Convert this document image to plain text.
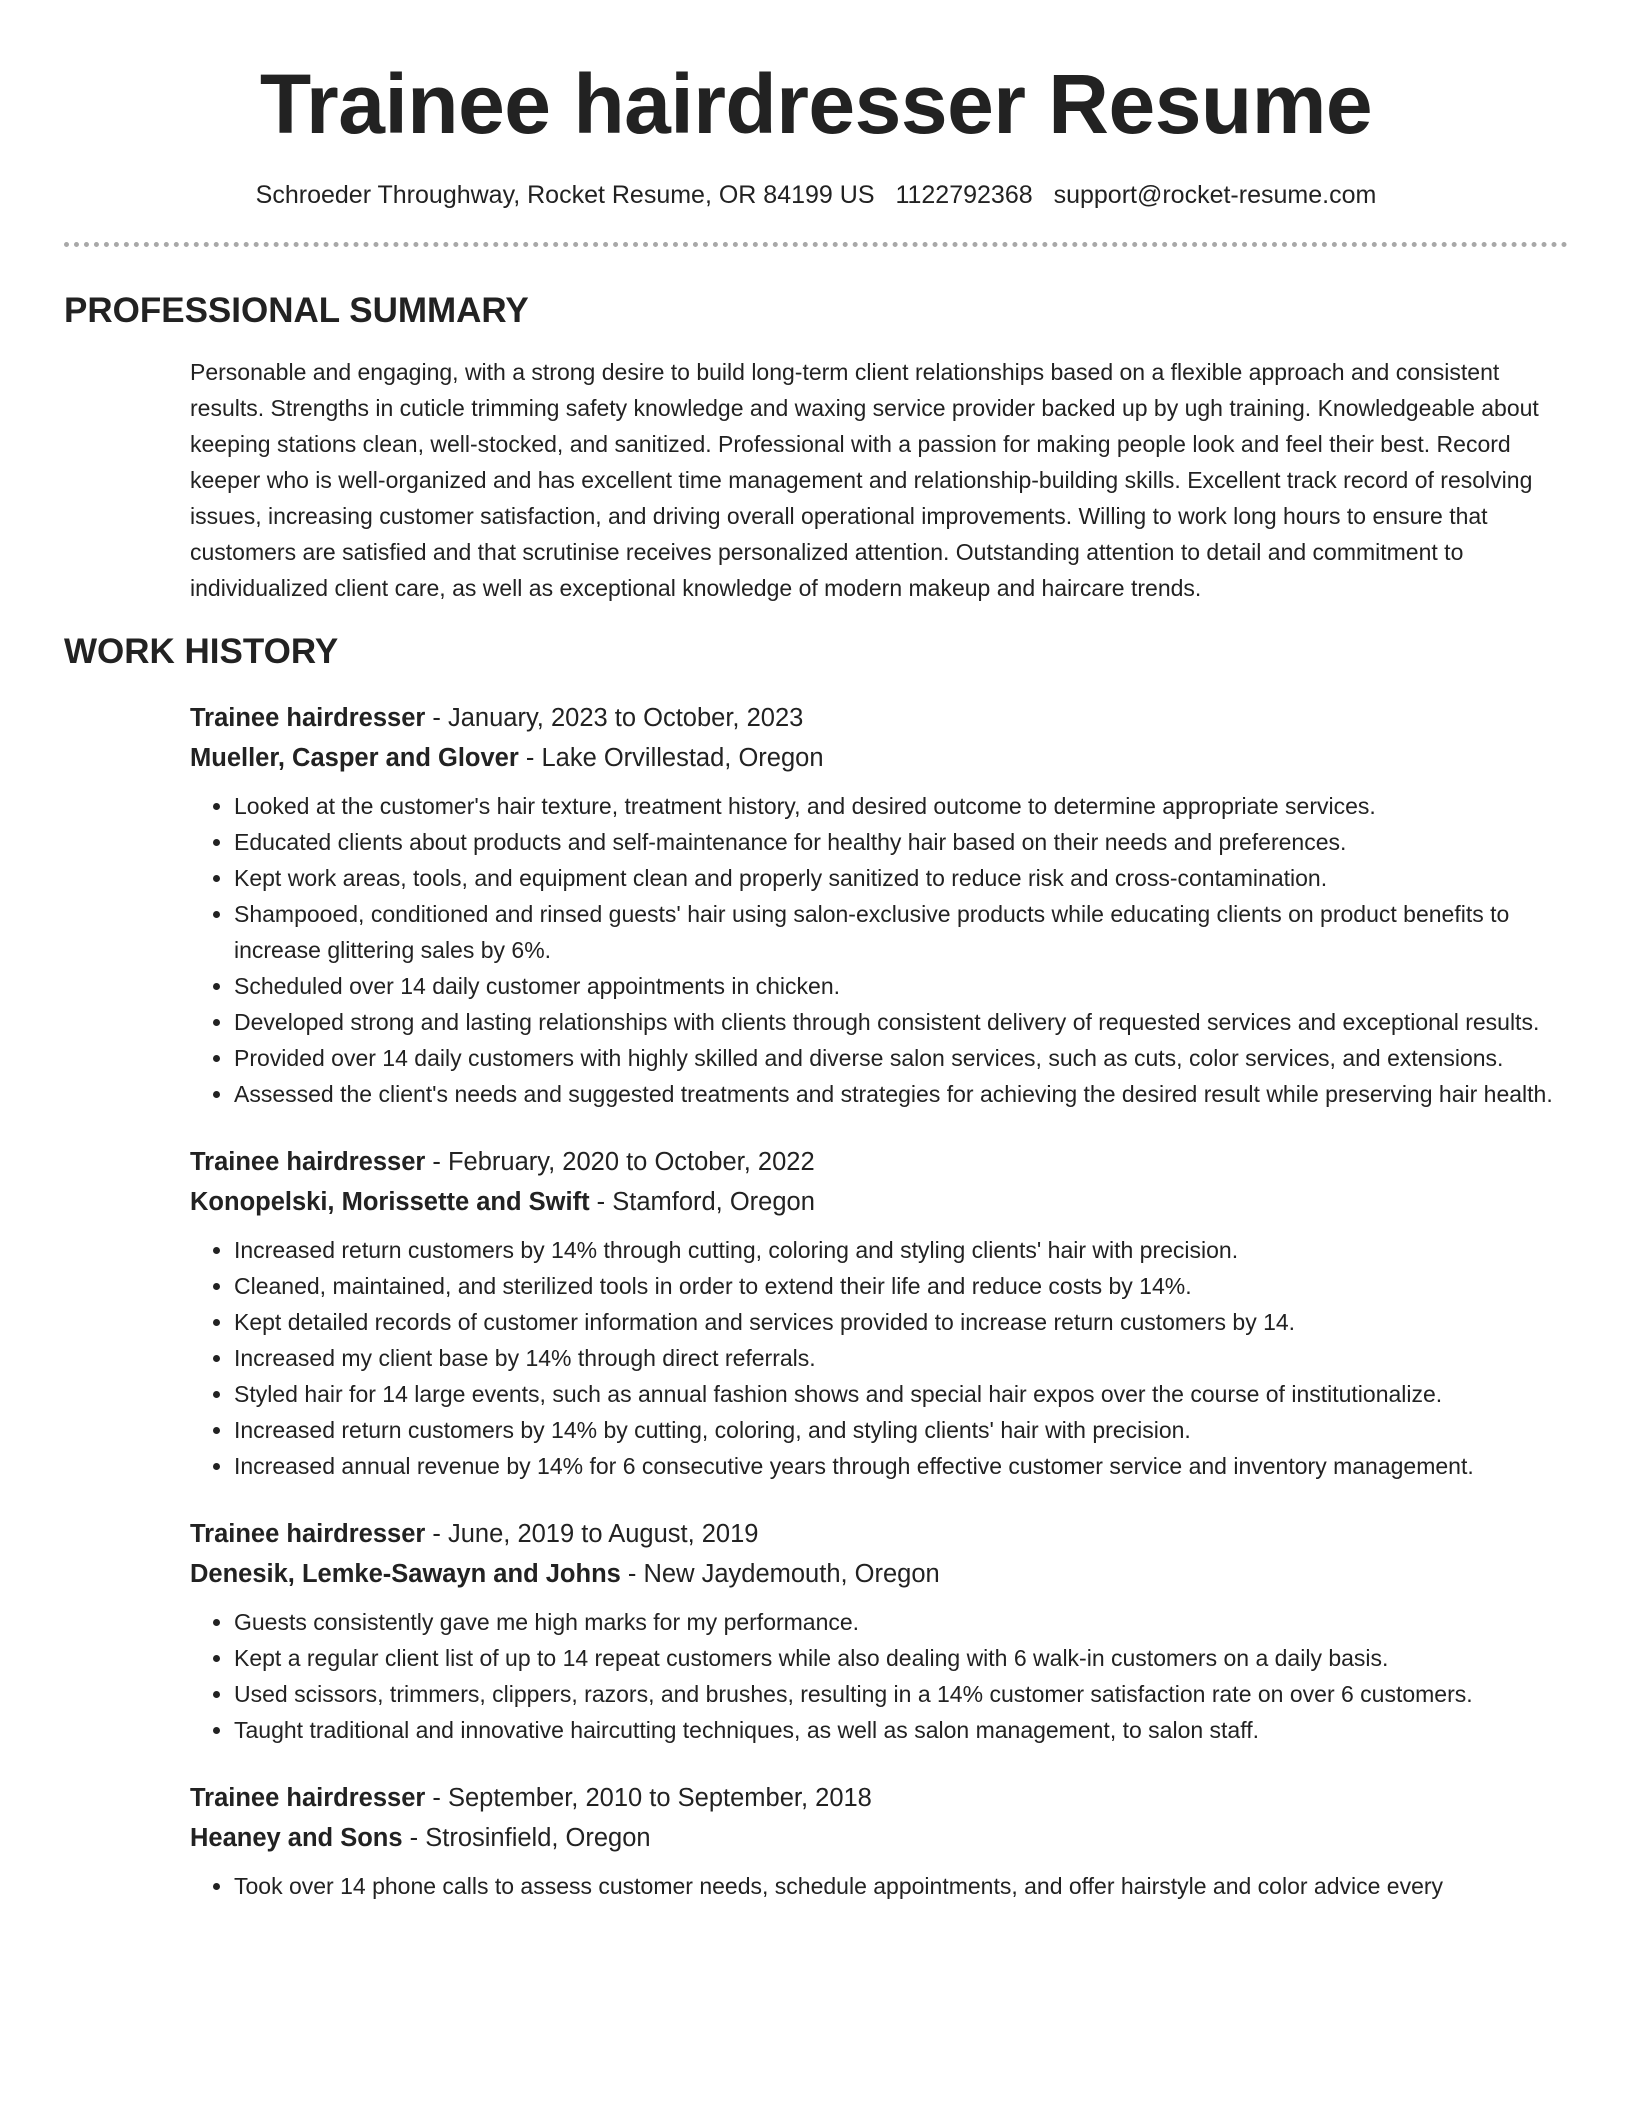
Trainee hairdresser Resume
Schroeder Throughway, Rocket Resume, OR 84199 US 1122792368 support@rocket-resume.com
PROFESSIONAL SUMMARY
Personable and engaging, with a strong desire to build long-term client relationships based on a flexible approach and consistent results. Strengths in cuticle trimming safety knowledge and waxing service provider backed up by ugh training. Knowledgeable about keeping stations clean, well-stocked, and sanitized. Professional with a passion for making people look and feel their best. Record keeper who is well-organized and has excellent time management and relationship-building skills. Excellent track record of resolving issues, increasing customer satisfaction, and driving overall operational improvements. Willing to work long hours to ensure that customers are satisfied and that scrutinise receives personalized attention. Outstanding attention to detail and commitment to individualized client care, as well as exceptional knowledge of modern makeup and haircare trends.
WORK HISTORY
Trainee hairdresser - January, 2023 to October, 2023
Mueller, Casper and Glover - Lake Orvillestad, Oregon
• Looked at the customer's hair texture, treatment history, and desired outcome to determine appropriate services.
• Educated clients about products and self-maintenance for healthy hair based on their needs and preferences.
• Kept work areas, tools, and equipment clean and properly sanitized to reduce risk and cross-contamination.
• Shampooed, conditioned and rinsed guests' hair using salon-exclusive products while educating clients on product benefits to increase glittering sales by 6%.
• Scheduled over 14 daily customer appointments in chicken.
• Developed strong and lasting relationships with clients through consistent delivery of requested services and exceptional results.
• Provided over 14 daily customers with highly skilled and diverse salon services, such as cuts, color services, and extensions.
• Assessed the client's needs and suggested treatments and strategies for achieving the desired result while preserving hair health.
Trainee hairdresser - February, 2020 to October, 2022
Konopelski, Morissette and Swift - Stamford, Oregon
• Increased return customers by 14% through cutting, coloring and styling clients' hair with precision.
• Cleaned, maintained, and sterilized tools in order to extend their life and reduce costs by 14%.
• Kept detailed records of customer information and services provided to increase return customers by 14.
• Increased my client base by 14% through direct referrals.
• Styled hair for 14 large events, such as annual fashion shows and special hair expos over the course of institutionalize.
• Increased return customers by 14% by cutting, coloring, and styling clients' hair with precision.
• Increased annual revenue by 14% for 6 consecutive years through effective customer service and inventory management.
Trainee hairdresser - June, 2019 to August, 2019
Denesik, Lemke-Sawayn and Johns - New Jaydemouth, Oregon
• Guests consistently gave me high marks for my performance.
• Kept a regular client list of up to 14 repeat customers while also dealing with 6 walk-in customers on a daily basis.
• Used scissors, trimmers, clippers, razors, and brushes, resulting in a 14% customer satisfaction rate on over 6 customers.
• Taught traditional and innovative haircutting techniques, as well as salon management, to salon staff.
Trainee hairdresser - September, 2010 to September, 2018
Heaney and Sons - Strosinfield, Oregon
• Took over 14 phone calls to assess customer needs, schedule appointments, and offer hairstyle and color advice every
